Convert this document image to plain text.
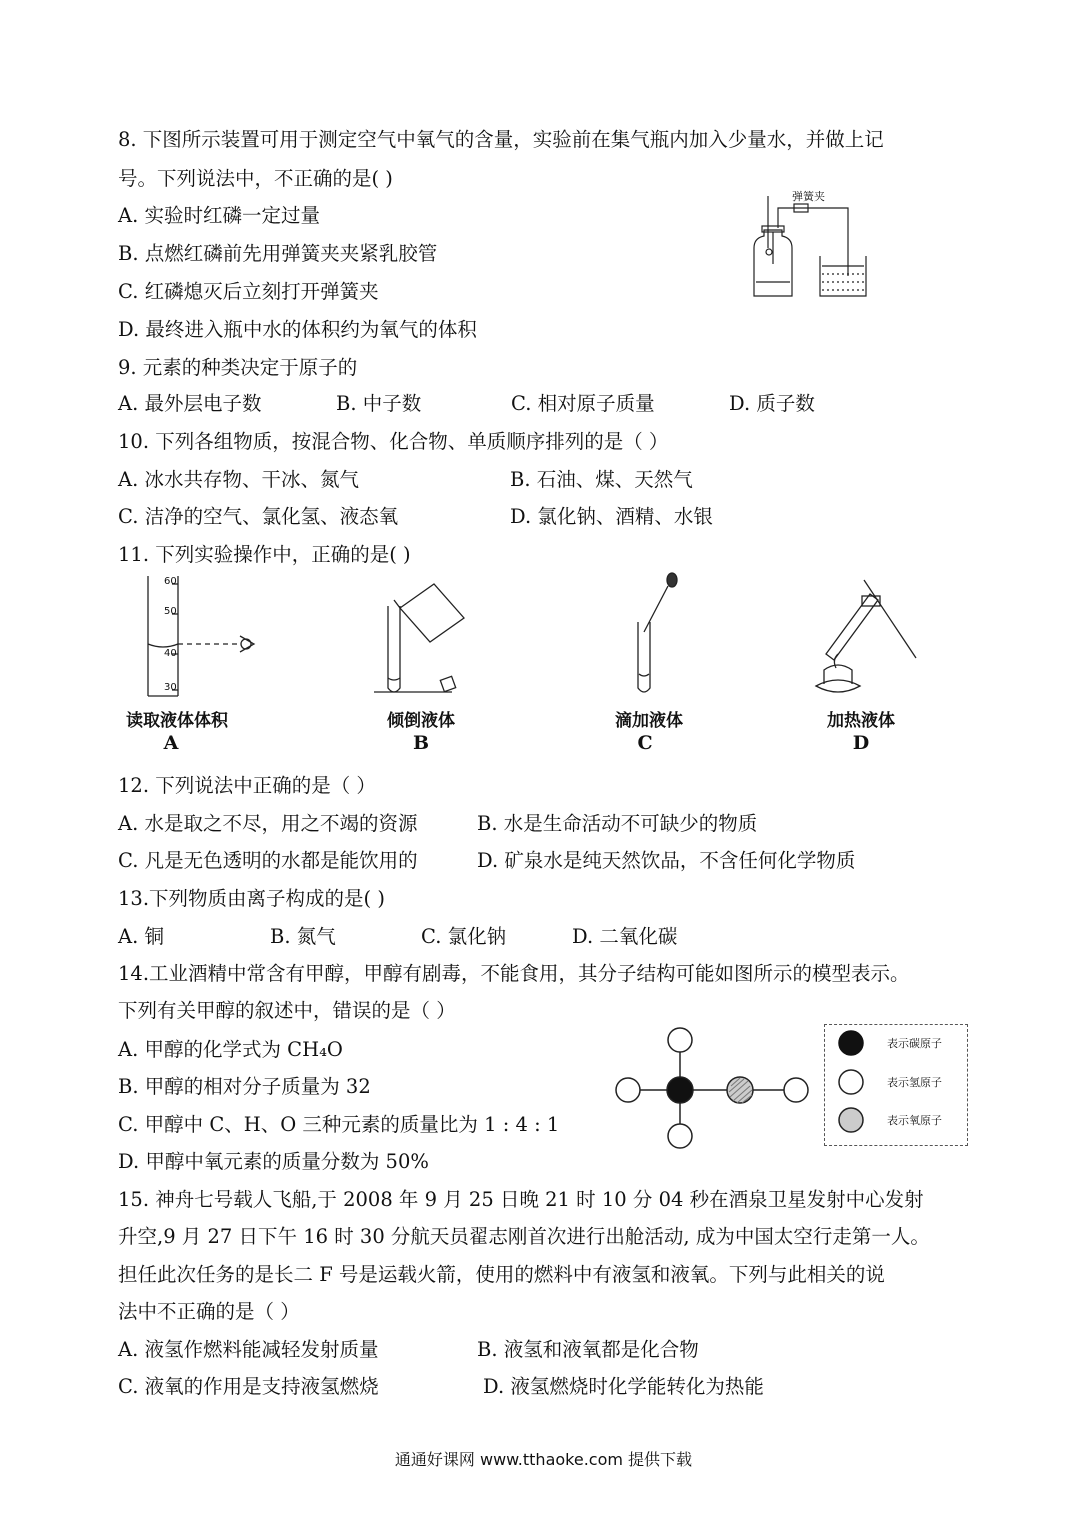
8. 下图所示装置可用于测定空气中氧气的含量，实验前在集气瓶内加入少量水，并做上记
号。下列说法中，不正确的是( )
A. 实验时红磷一定过量
B. 点燃红磷前先用弹簧夹夹紧乳胶管
C. 红磷熄灭后立刻打开弹簧夹
D. 最终进入瓶中水的体积约为氧气的体积
弹簧夹
9. 元素的种类决定于原子的
A. 最外层电子数	B. 中子数	C. 相对原子质量	D. 质子数
10. 下列各组物质，按混合物、化合物、单质顺序排列的是（ ）
A. 冰水共存物、干冰、氮气	B. 石油、煤、天然气
C. 洁净的空气、氯化氢、液态氧	D. 氯化钠、酒精、水银
11. 下列实验操作中，正确的是( )
60
50
40
30
读取液体体积	倾倒液体	滴加液体	加热液体
A	B	C	D
12. 下列说法中正确的是（ ）
A. 水是取之不尽，用之不竭的资源	B. 水是生命活动不可缺少的物质
C. 凡是无色透明的水都是能饮用的	D. 矿泉水是纯天然饮品，不含任何化学物质
13.下列物质由离子构成的是( )
A. 铜	B. 氮气	C. 氯化钠	D. 二氧化碳
14.工业酒精中常含有甲醇，甲醇有剧毒，不能食用，其分子结构可能如图所示的模型表示。
下列有关甲醇的叙述中，错误的是（ ）
A. 甲醇的化学式为 CH₄O
B. 甲醇的相对分子质量为 32
C. 甲醇中 C、H、O 三种元素的质量比为 1 : 4 : 1
D. 甲醇中氧元素的质量分数为 50%
表示碳原子
表示氢原子
表示氧原子
15. 神舟七号载人飞船,于 2008 年 9 月 25 日晚 21 时 10 分 04 秒在酒泉卫星发射中心发射
升空,9 月 27 日下午 16 时 30 分航天员翟志刚首次进行出舱活动, 成为中国太空行走第一人。
担任此次任务的是长二 F 号是运载火箭，使用的燃料中有液氢和液氧。下列与此相关的说
法中不正确的是（ ）
A. 液氢作燃料能减轻发射质量	B. 液氢和液氧都是化合物
C. 液氧的作用是支持液氢燃烧	D. 液氢燃烧时化学能转化为热能
通通好课网 www.tthaoke.com 提供下载
